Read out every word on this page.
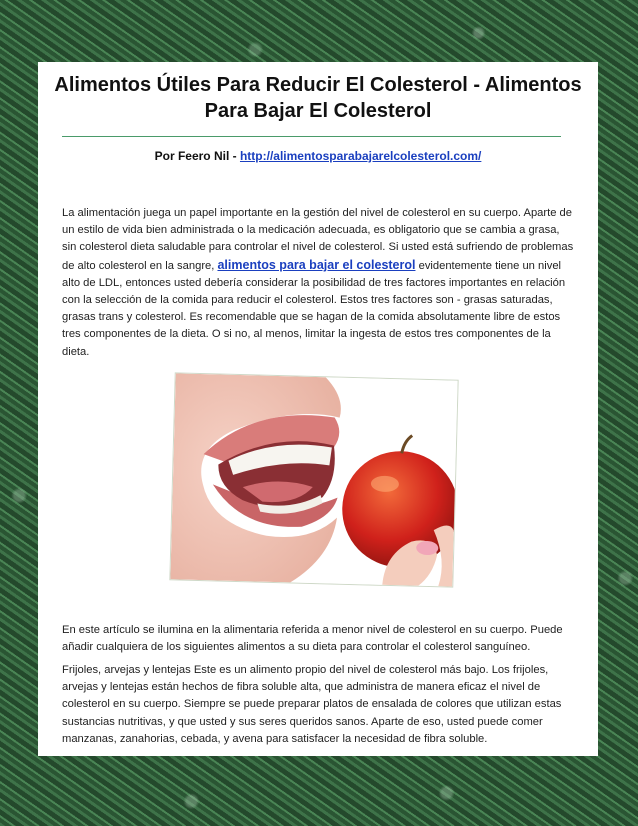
Alimentos Útiles Para Reducir El Colesterol - Alimentos Para Bajar El Colesterol
Por Feero Nil - http://alimentosparabajarelcolesterol.com/
La alimentación juega un papel importante en la gestión del nivel de colesterol en su cuerpo. Aparte de un estilo de vida bien administrada o la medicación adecuada, es obligatorio que se cambia a grasa, sin colesterol dieta saludable para controlar el nivel de colesterol. Si usted está sufriendo de problemas de alto colesterol en la sangre, alimentos para bajar el colesterol evidentemente tiene un nivel alto de LDL, entonces usted debería considerar la posibilidad de tres factores importantes en relación con la selección de la comida para reducir el colesterol. Estos tres factores son - grasas saturadas, grasas trans y colesterol. Es recomendable que se hagan de la comida absolutamente libre de estos tres componentes de la dieta. O si no, al menos, limitar la ingesta de estos tres componentes de la dieta.
En este artículo se ilumina en la alimentaria referida a menor nivel de colesterol en su cuerpo. Puede añadir cualquiera de los siguientes alimentos a su dieta para controlar el colesterol sanguíneo.
Frijoles, arvejas y lentejas Este es un alimento propio del nivel de colesterol más bajo. Los frijoles, arvejas y lentejas están hechos de fibra soluble alta, que administra de manera eficaz el nivel de colesterol en su cuerpo. Siempre se puede preparar platos de ensalada de colores que utilizan estas sustancias nutritivas, y que usted y sus seres queridos sanos. Aparte de eso, usted puede comer manzanas, zanahorias, cebada, y avena para satisfacer la necesidad de fibra soluble.
